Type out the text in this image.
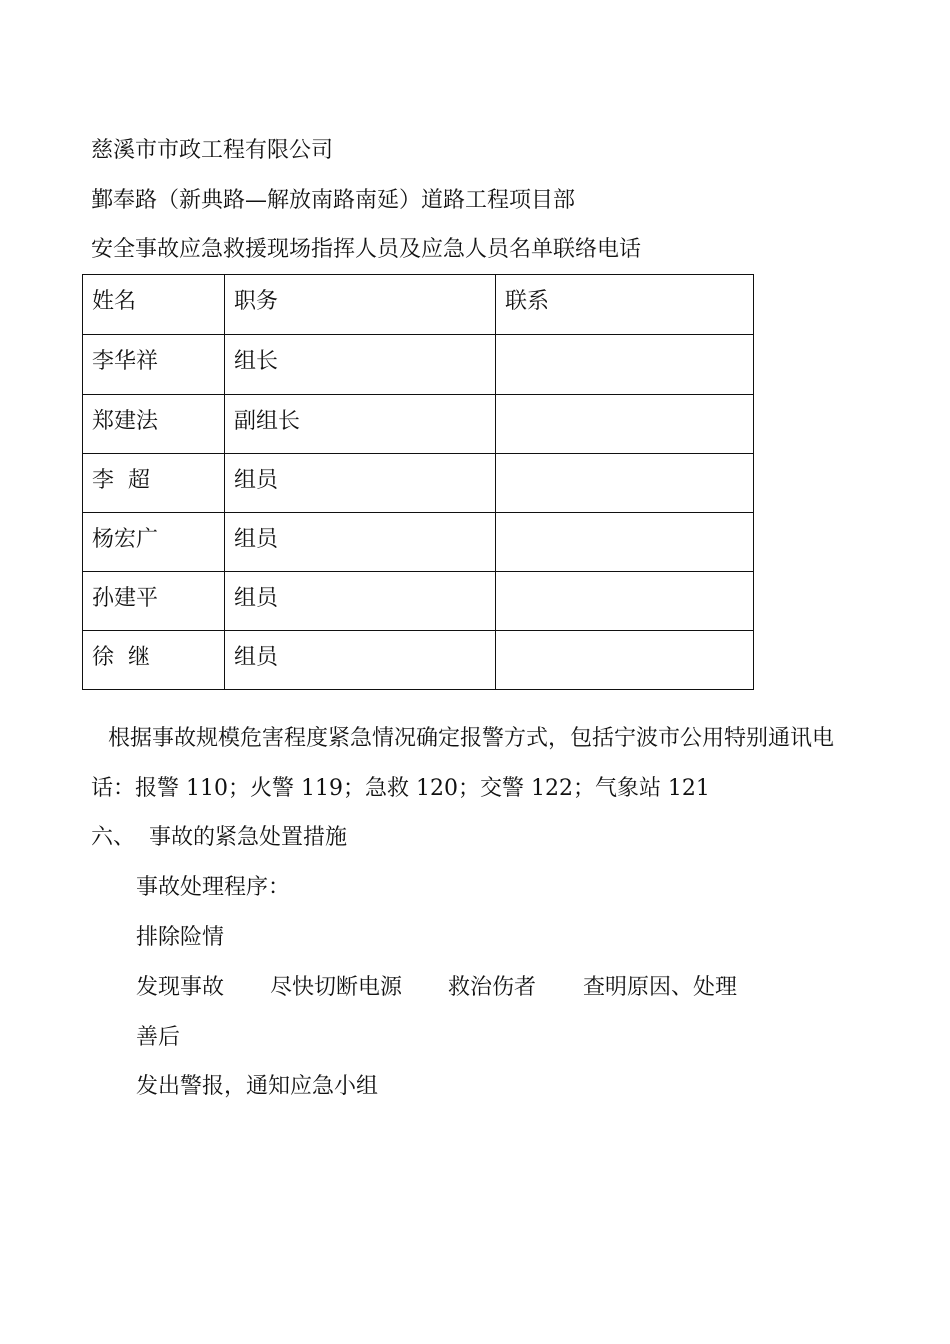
慈溪市市政工程有限公司
鄞奉路（新典路—解放南路南延）道路工程项目部
安全事故应急救援现场指挥人员及应急人员名单联络电话
姓名	职务	联系

李华祥	组长	

郑建法	副组长	

李  超	组员	

杨宏广	组员	

孙建平	组员	

徐  继	组员	

根据事故规模危害程度紧急情况确定报警方式，包括宁波市公用特别通讯电
话：报警 110；火警 119；急救 120；交警 122；气象站 121
六、  事故的紧急处置措施
事故处理程序：
排除险情
发现事故 尽快切断电源 救治伤者 查明原因、处理
善后
发出警报，通知应急小组
